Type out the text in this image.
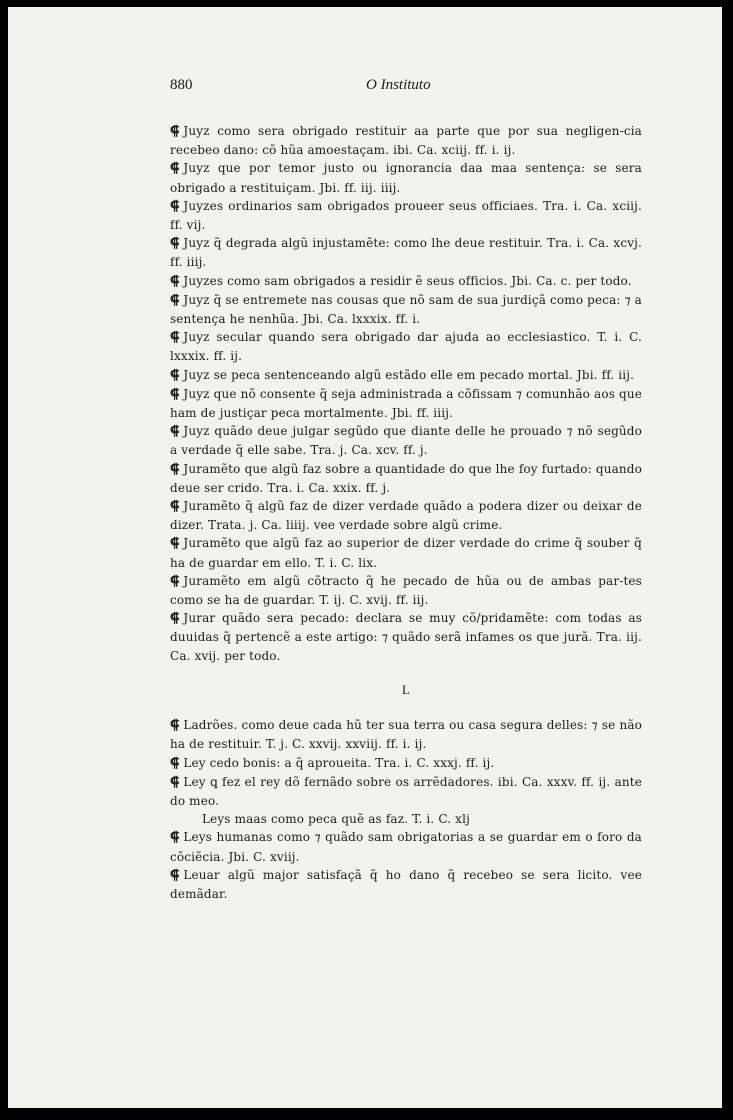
880	O Instituto

⸿ Juyz como sera obrigado restituir aa parte que por sua negligen-cia recebeo dano: cõ hũa amoestaçam. ibi. Ca. xciij. ff. i. ij.

⸿ Juyz que por temor justo ou ignorancia daa maa sentença: se sera obrigado a restituiçam. Jbi. ff. iij. iiij.

⸿ Juyzes ordinarios sam obrigados proueer seus officiaes. Tra. i. Ca. xciij. ff. vij.

⸿ Juyz q̃ degrada algũ injustamẽte: como lhe deue restituir. Tra. i. Ca. xcvj. ff. iiij.

⸿ Juyzes como sam obrigados a residir ẽ seus officios. Jbi. Ca. c. per todo.

⸿ Juyz q̃ se entremete nas cousas que nõ sam de sua jurdiçã como peca: ⁊ a sentença he nenhũa. Jbi. Ca. lxxxix. ff. i.

⸿ Juyz secular quando sera obrigado dar ajuda ao ecclesiastico. T. i. C. lxxxix. ff. ij.

⸿ Juyz se peca sentenceando algũ estãdo elle em pecado mortal. Jbi. ff. iij.

⸿ Juyz que nõ consente q̃ seja administrada a cõfissam ⁊ comunhão aos que ham de justiçar peca mortalmente. Jbi. ff. iiij.

⸿ Juyz quãdo deue julgar segũdo que diante delle he prouado ⁊ nõ segũdo a verdade q̃ elle sabe. Tra. j. Ca. xcv. ff. j.

⸿ Juramẽto que algũ faz sobre a quantidade do que lhe foy furtado: quando deue ser crido. Tra. i. Ca. xxix. ff. j.

⸿ Juramẽto q̃ algũ faz de dizer verdade quãdo a podera dizer ou deixar de dizer. Trata. j. Ca. liiij. vee verdade sobre algũ crime.

⸿ Juramẽto que algũ faz ao superior de dizer verdade do crime q̃ souber q̃ ha de guardar em ello. T. i. C. lix.

⸿ Juramẽto em algũ cõtracto q̃ he pecado de hũa ou de ambas par-tes como se ha de guardar. T. ij. C. xvij. ff. iij.

⸿ Jurar quãdo sera pecado: declara se muy cõ/pridamẽte: com todas as duuidas q̃ pertencẽ a este artigo: ⁊ quãdo serã infames os que jurã. Tra. iij. Ca. xvij. per todo.

L

⸿ Ladrões. como deue cada hũ ter sua terra ou casa segura delles: ⁊ se não ha de restituir. T. j. C. xxvij. xxviij. ff. i. ij.

⸿ Ley cedo bonis: a q̃ aproueita. Tra. i. C. xxxj. ff. ij.

⸿ Ley ꝗ fez el rey dõ fernãdo sobre os arrẽdadores. ibi. Ca. xxxv. ff. ij. ante do meo.

Leys maas como peca quẽ as faz. T. i. C. xlj

⸿ Leys humanas como ⁊ quãdo sam obrigatorias a se guardar em o foro da cõciẽcia. Jbi. C. xviij.

⸿ Leuar algũ major satisfaçã q̃ ho dano q̃ recebeo se sera licito. vee demãdar.
